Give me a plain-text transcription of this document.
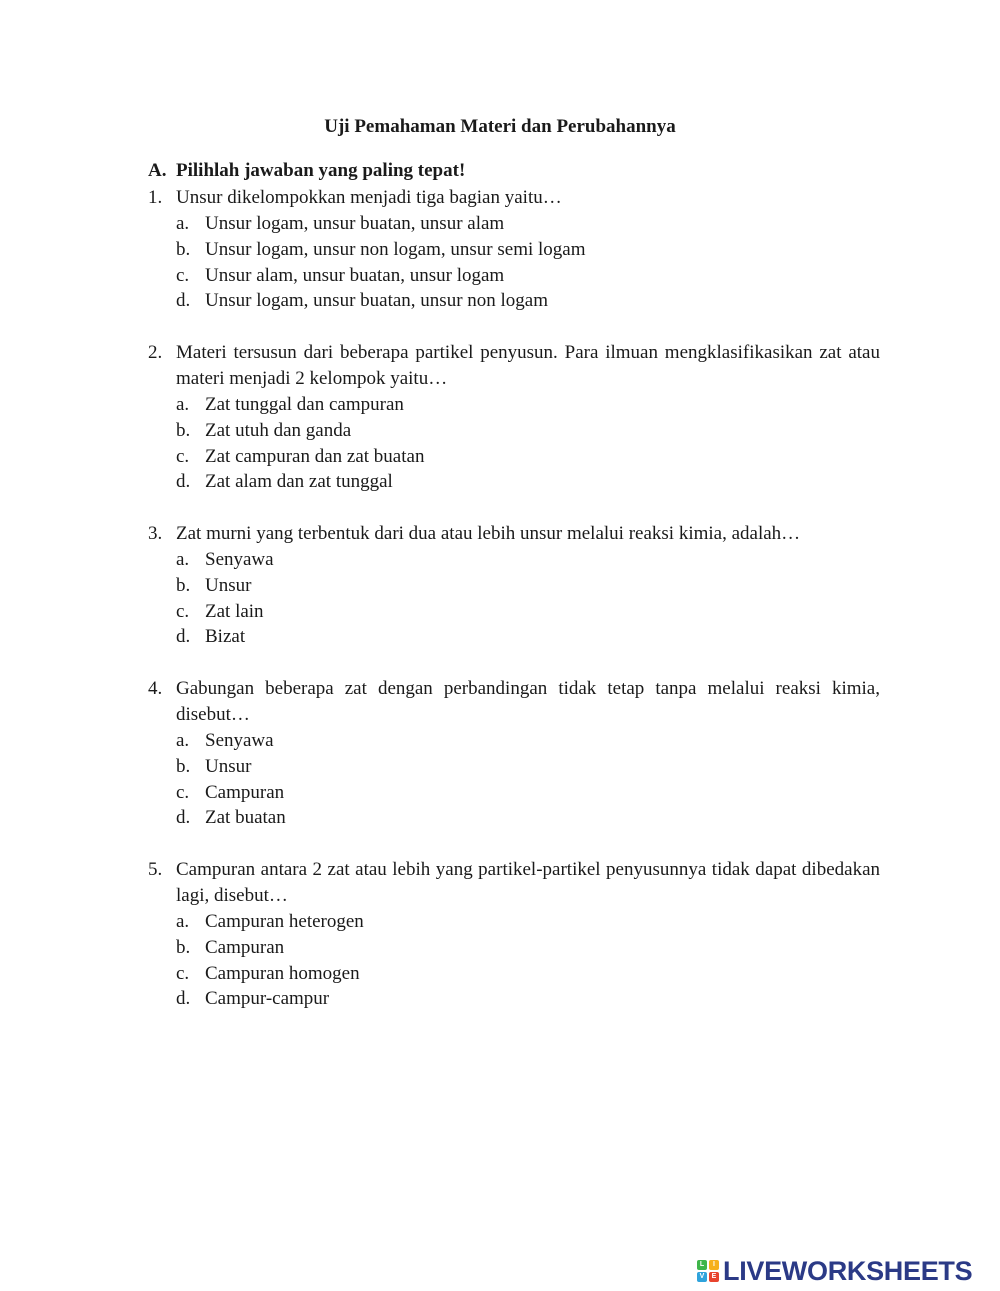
Uji Pemahaman Materi dan Perubahannya
A. Pilihlah jawaban yang paling tepat!
1. Unsur dikelompokkan menjadi tiga bagian yaitu…
a. Unsur logam, unsur buatan, unsur alam
b. Unsur logam, unsur non logam, unsur semi logam
c. Unsur alam, unsur buatan, unsur logam
d. Unsur logam, unsur buatan, unsur non logam
2. Materi tersusun dari beberapa partikel penyusun. Para ilmuan mengklasifikasikan zat atau materi menjadi 2 kelompok yaitu…
a. Zat tunggal dan campuran
b. Zat utuh dan ganda
c. Zat campuran dan zat buatan
d. Zat alam dan zat tunggal
3. Zat murni yang terbentuk dari dua atau lebih unsur melalui reaksi kimia, adalah…
a. Senyawa
b. Unsur
c. Zat lain
d. Bizat
4. Gabungan beberapa zat dengan perbandingan tidak tetap tanpa melalui reaksi kimia, disebut…
a. Senyawa
b. Unsur
c. Campuran
d. Zat buatan
5. Campuran antara 2 zat atau lebih yang partikel-partikel penyusunnya tidak dapat dibedakan lagi, disebut…
a. Campuran heterogen
b. Campuran
c. Campuran homogen
d. Campur-campur
L	I
V	E LIVEWORKSHEETS
